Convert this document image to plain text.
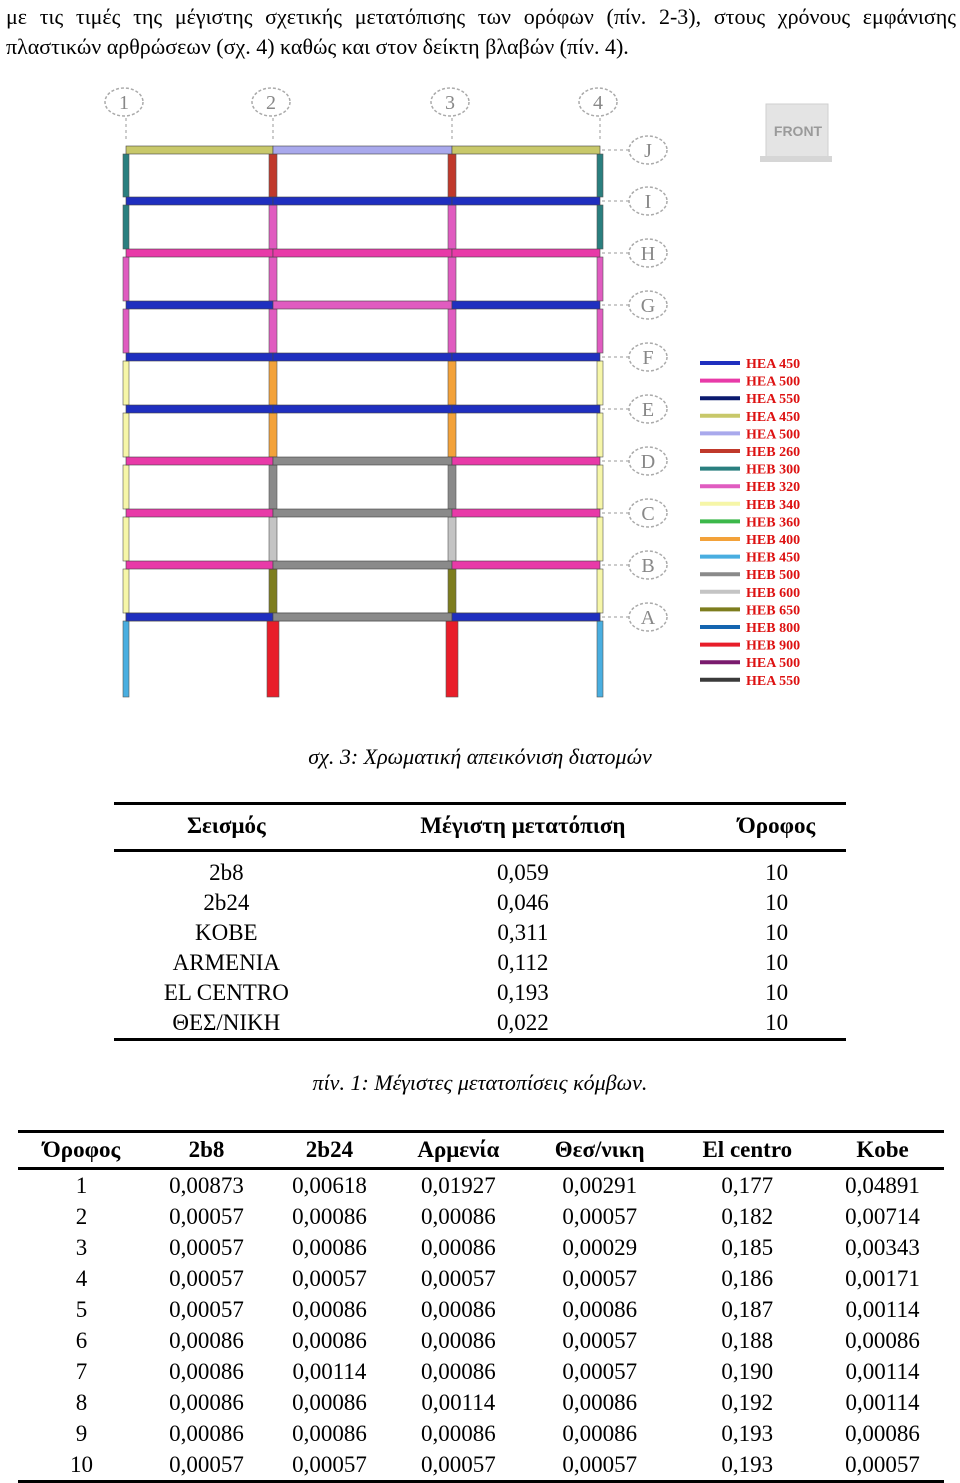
με τις τιμές της μέγιστης σχετικής μετατόπισης των ορόφων (πίν. 2-3), στους χρόνους εμφάνισης πλαστικών αρθρώσεων (σχ. 4) καθώς και στον δείκτη βλαβών (πίν. 4).

1	2	3	4
J
I
H
G
F
E
D
C
B
A
FRONT
HEA 450
HEA 500
HEA 550
HEA 450
HEA 500
HEB 260
HEB 300
HEB 320
HEB 340
HEB 360
HEB 400
HEB 450
HEB 500
HEB 600
HEB 650
HEB 800
HEB 900
HEA 500
HEA 550
σχ. 3: Χρωματική απεικόνιση διατομών
Σεισμός	Μέγιστη μετατόπιση	Όροφος
2b8	0,059	10
2b24	0,046	10
KOBE	0,311	10
ARMENIA	0,112	10
EL CENTRO	0,193	10
ΘΕΣ/ΝΙΚΗ	0,022	10
πίν. 1: Μέγιστες μετατοπίσεις κόμβων.
Όροφος	2b8	2b24	Αρμενία	Θεσ/νικη	El centro	Kobe
1	0,00873	0,00618	0,01927	0,00291	0,177	0,04891
2	0,00057	0,00086	0,00086	0,00057	0,182	0,00714
3	0,00057	0,00086	0,00086	0,00029	0,185	0,00343
4	0,00057	0,00057	0,00057	0,00057	0,186	0,00171
5	0,00057	0,00086	0,00086	0,00086	0,187	0,00114
6	0,00086	0,00086	0,00086	0,00057	0,188	0,00086
7	0,00086	0,00114	0,00086	0,00057	0,190	0,00114
8	0,00086	0,00086	0,00114	0,00086	0,192	0,00114
9	0,00086	0,00086	0,00086	0,00086	0,193	0,00086
10	0,00057	0,00057	0,00057	0,00057	0,193	0,00057
